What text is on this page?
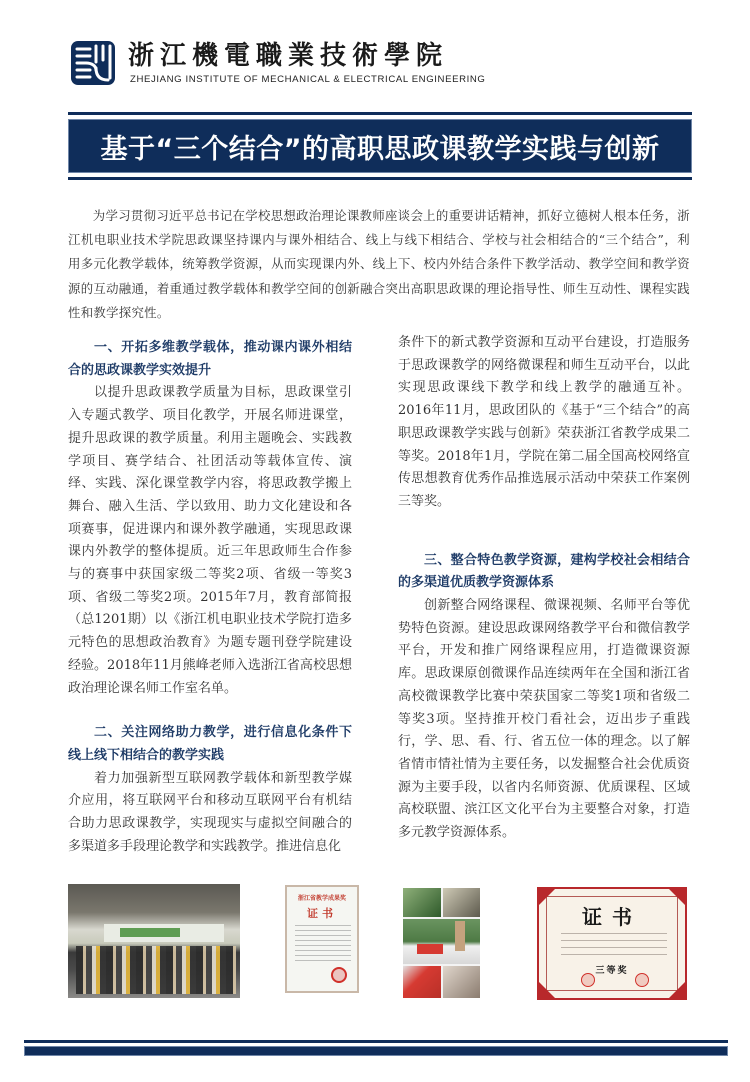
浙江機電職業技術學院
ZHEJIANG INSTITUTE OF MECHANICAL & ELECTRICAL ENGINEERING
基于“三个结合”的高职思政课教学实践与创新

为学习贯彻习近平总书记在学校思想政治理论课教师座谈会上的重要讲话精神，抓好立德树人根本任务，浙江机电职业技术学院思政课坚持课内与课外相结合、线上与线下相结合、学校与社会相结合的“三个结合”，利用多元化教学载体，统筹教学资源，从而实现课内外、线上下、校内外结合条件下教学活动、教学空间和教学资源的互动融通，着重通过教学载体和教学空间的创新融合突出高职思政课的理论指导性、师生互动性、课程实践性和教学探究性。

一、开拓多维教学载体，推动课内课外相结合的思政课教学实效提升

以提升思政课教学质量为目标，思政课堂引入专题式教学、项目化教学，开展名师进课堂，提升思政课的教学质量。利用主题晚会、实践教学项目、赛学结合、社团活动等载体宣传、演绎、实践、深化课堂教学内容，将思政教学搬上舞台、融入生活、学以致用、助力文化建设和各项赛事，促进课内和课外教学融通，实现思政课课内外教学的整体提质。近三年思政师生合作参与的赛事中获国家级二等奖2项、省级一等奖3项、省级二等奖2项。2015年7月，教育部简报（总1201期）以《浙江机电职业技术学院打造多元特色的思想政治教育》为题专题刊登学院建设经验。2018年11月熊峰老师入选浙江省高校思想政治理论课名师工作室名单。

二、关注网络助力教学，进行信息化条件下线上线下相结合的教学实践

着力加强新型互联网教学载体和新型教学媒介应用，将互联网平台和移动互联网平台有机结合助力思政课教学，实现现实与虚拟空间融合的多渠道多手段理论教学和实践教学。推进信息化

条件下的新式教学资源和互动平台建设，打造服务于思政课教学的网络微课程和师生互动平台，以此实现思政课线下教学和线上教学的融通互补。2016年11月，思政团队的《基于“三个结合”的高职思政课教学实践与创新》荣获浙江省教学成果二等奖。2018年1月，学院在第二届全国高校网络宣传思想教育优秀作品推选展示活动中荣获工作案例三等奖。

三、整合特色教学资源，建构学校社会相结合的多渠道优质教学资源体系

创新整合网络课程、微课视频、名师平台等优势特色资源。建设思政课网络教学平台和微信教学平台，开发和推广网络课程应用，打造微课资源库。思政课原创微课作品连续两年在全国和浙江省高校微课教学比赛中荣获国家二等奖1项和省级二等奖3项。坚持推开校门看社会，迈出步子重践行，学、思、看、行、省五位一体的理念。以了解省情市情社情为主要任务，以发掘整合社会优质资源为主要手段，以省内名师资源、优质课程、区域高校联盟、滨江区文化平台为主要整合对象，打造多元教学资源体系。

浙江省教学成果奖
证书	证书
三等奖
